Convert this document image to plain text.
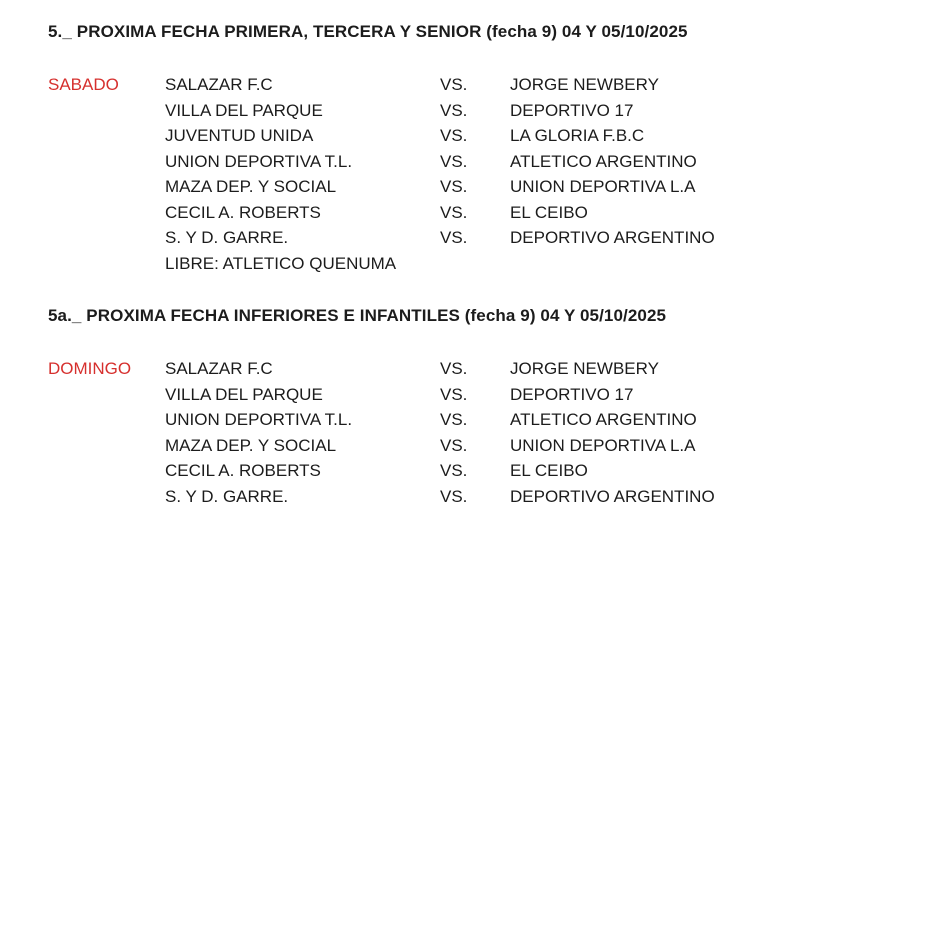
5._ PROXIMA FECHA PRIMERA, TERCERA Y SENIOR (fecha 9) 04 Y 05/10/2025
SABADO	SALAZAR F.C	VS.	JORGE NEWBERY
VILLA DEL PARQUE	VS.	DEPORTIVO 17
JUVENTUD UNIDA	VS.	LA GLORIA F.B.C
UNION DEPORTIVA T.L.	VS.	ATLETICO ARGENTINO
MAZA DEP. Y SOCIAL	VS.	UNION DEPORTIVA L.A
CECIL A. ROBERTS	VS.	EL CEIBO
S. Y D. GARRE.	VS.	DEPORTIVO ARGENTINO
LIBRE: ATLETICO QUENUMA
5a._ PROXIMA FECHA INFERIORES E INFANTILES (fecha 9) 04 Y 05/10/2025
DOMINGO	SALAZAR F.C	VS.	JORGE NEWBERY
VILLA DEL PARQUE	VS.	DEPORTIVO 17
UNION DEPORTIVA T.L.	VS.	ATLETICO ARGENTINO
MAZA DEP. Y SOCIAL	VS.	UNION DEPORTIVA L.A
CECIL A. ROBERTS	VS.	EL CEIBO
S. Y D. GARRE.	VS.	DEPORTIVO ARGENTINO
